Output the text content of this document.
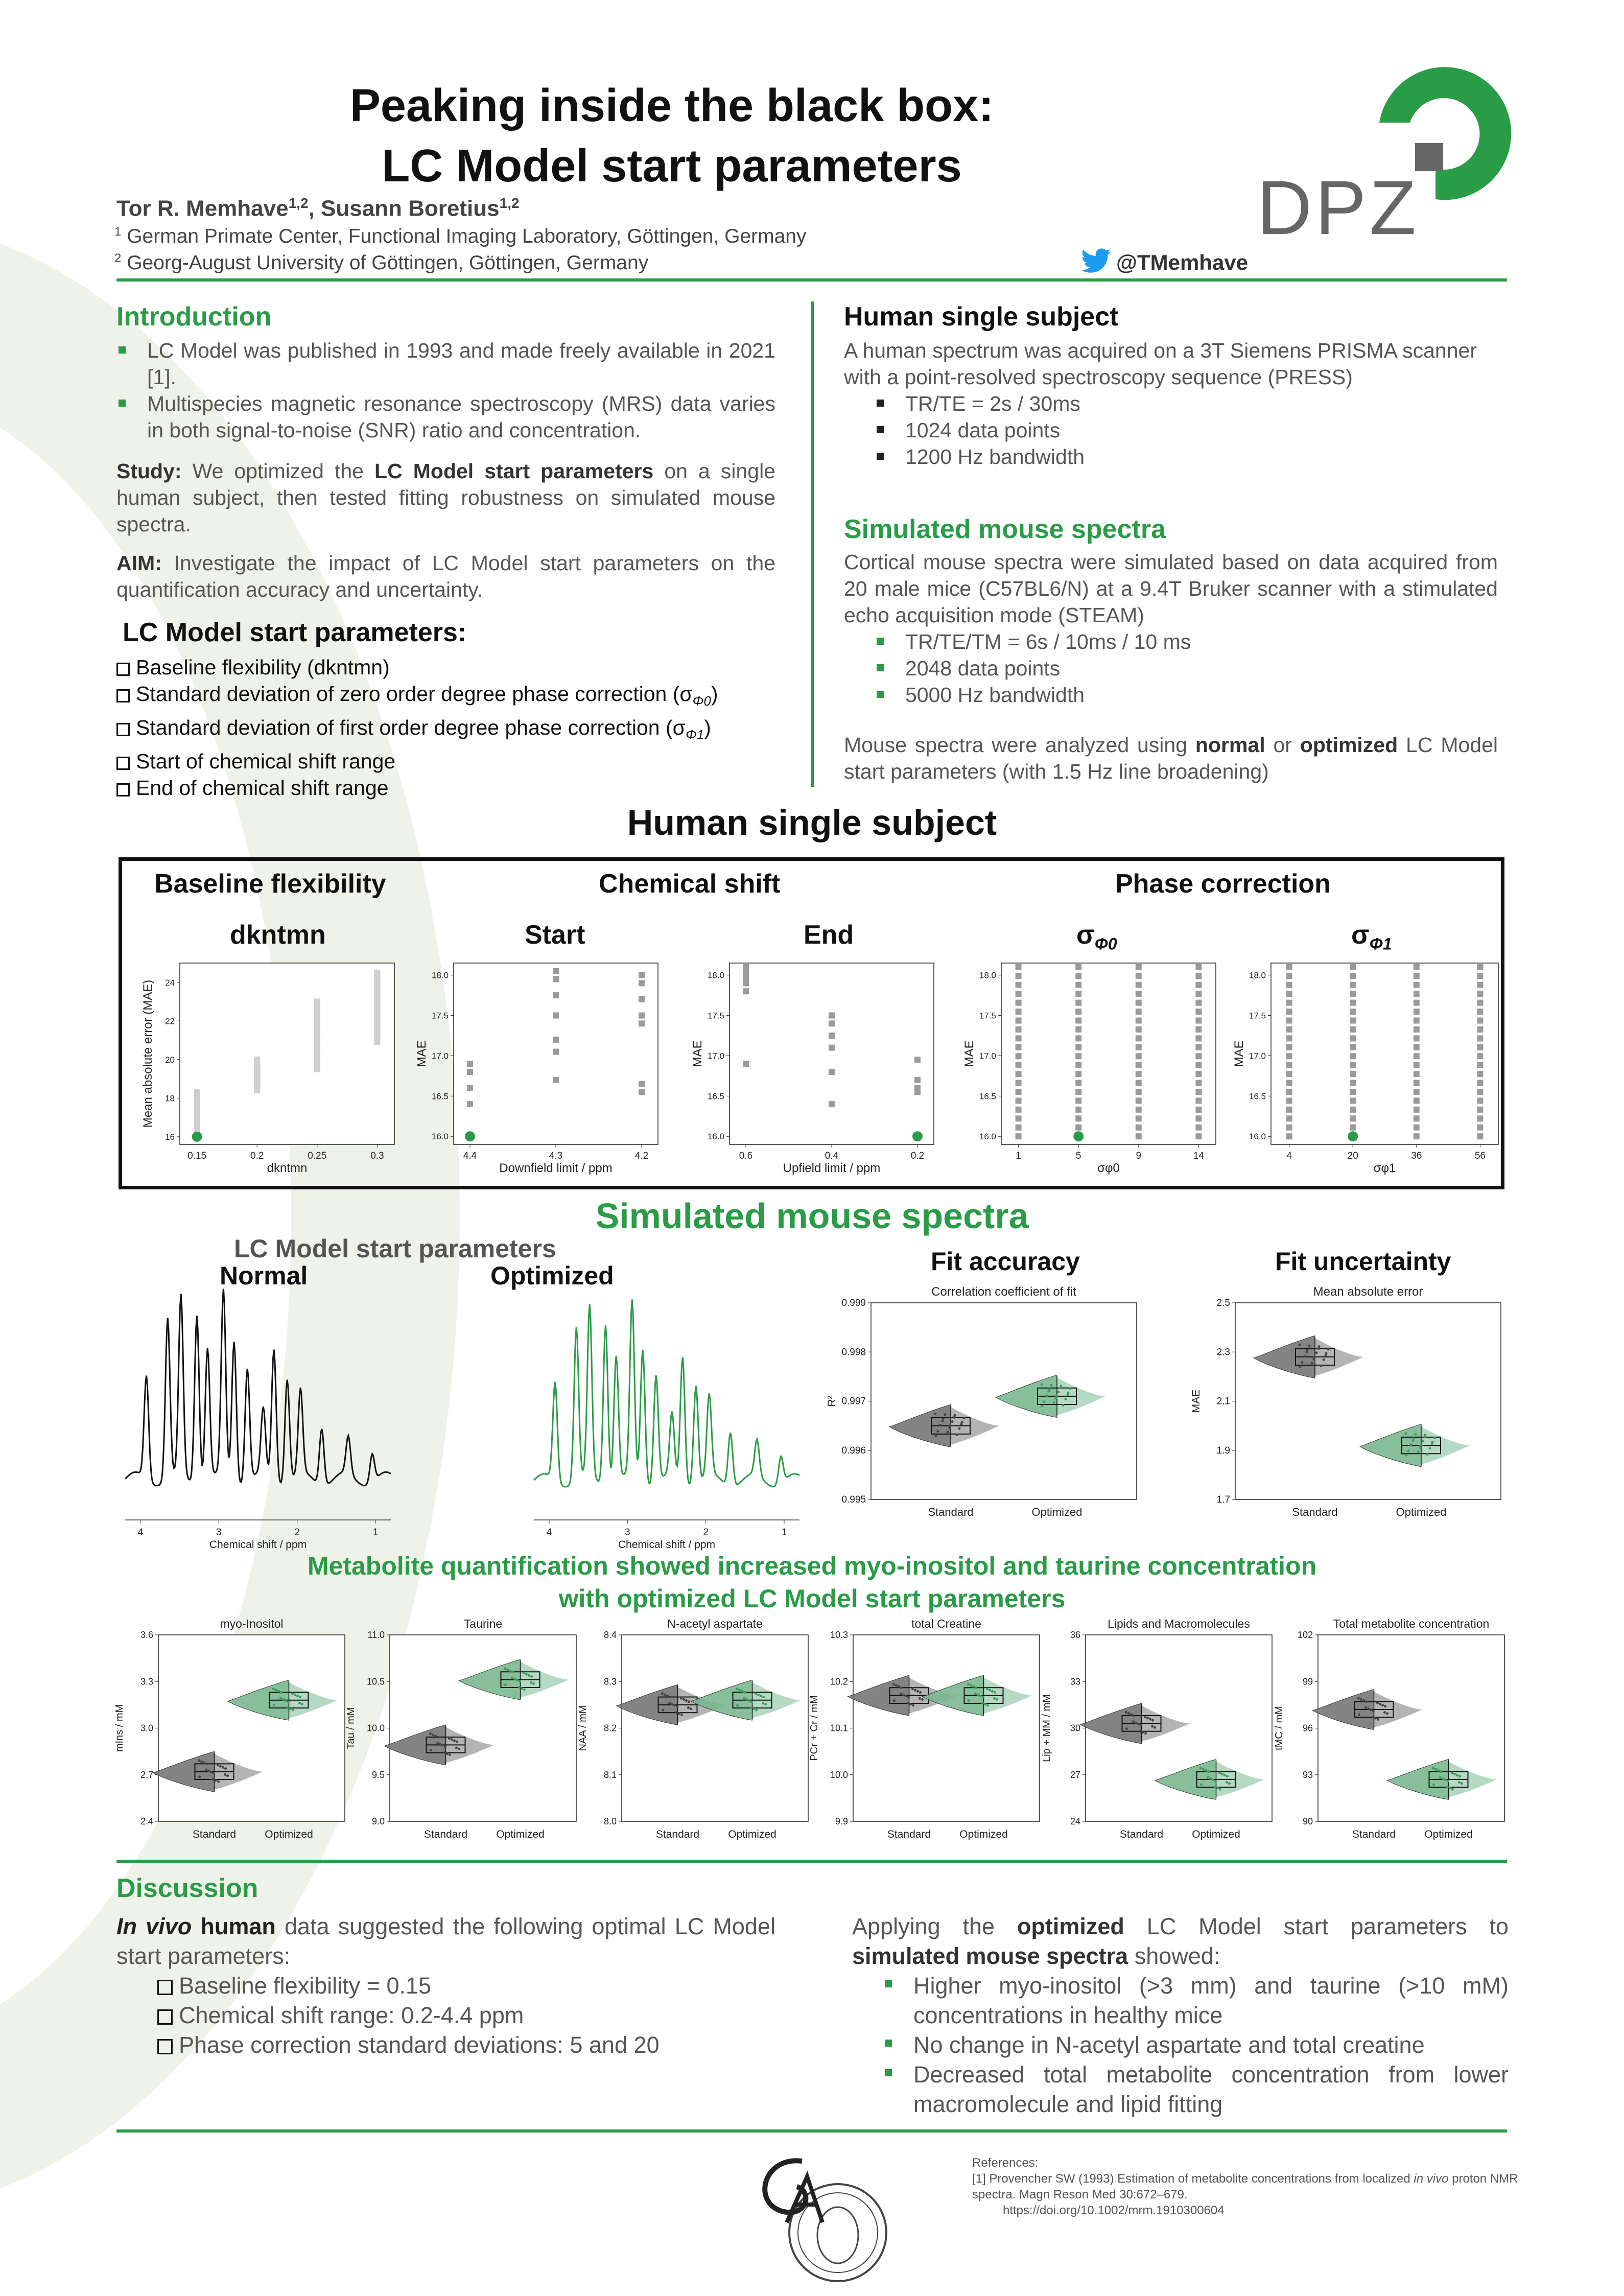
Peaking inside the black box:
LC Model start parameters
Tor R. Memhave$^{1,2}$, Susann Boretius$^{1,2}$
$^1$ German Primate Center, Functional Imaging Laboratory, Göttingen, Germany
$^2$ Georg-August University of Göttingen, Göttingen, Germany	@TMemhave
DPZ
Introduction
LC Model was published in 1993 and made freely available in 2021 [1].
Multispecies magnetic resonance spectroscopy (MRS) data varies in both signal-to-noise (SNR) ratio and concentration.
Study: We optimized the LC Model start parameters on a single human subject, then tested fitting robustness on simulated mouse spectra.
AIM: Investigate the impact of LC Model start parameters on the quantification accuracy and uncertainty.
LC Model start parameters:
Baseline flexibility (dkntmn)
Standard deviation of zero order degree phase correction $(\sigma_{\Phi 0})$
Standard deviation of first order degree phase correction $(\sigma_{\Phi 1})$
Start of chemical shift range
End of chemical shift range
Human single subject
A human spectrum was acquired on a 3T Siemens PRISMA scanner with a point-resolved spectroscopy sequence (PRESS)
TR/TE = 2s / 30ms
1024 data points
1200 Hz bandwidth
Simulated mouse spectra
Cortical mouse spectra were simulated based on data acquired from 20 male mice (C57BL6/N) at a 9.4T Bruker scanner with a stimulated echo acquisition mode (STEAM)
TR/TE/TM = 6s / 10ms / 10 ms
2048 data points
5000 Hz bandwidth
Mouse spectra were analyzed using normal or optimized LC Model start parameters (with 1.5 Hz line broadening)
Human single subject
Baseline flexibility	Chemical shift	Phase correction
dkntmn	Start	End	$\sigma_{\Phi 0}$	$\sigma_{\Phi 1}$
16
18
20
22
24
0.15	0.2	0.25	0.3
dkntmn
Mean absolute error (MAE)
16.0
16.5
17.0
17.5
18.0
4.4	4.3	4.2
Downfield limit / ppm
MAE
16.0
16.5
17.0
17.5
18.0
0.6	0.4	0.2
Upfield limit / ppm
MAE
16.0
16.5
17.0
17.5
18.0
1	5	9	14
σφ0
MAE
16.0
16.5
17.0
17.5
18.0
4	20	36	56
σφ1
MAE
Simulated mouse spectra
LC Model start parameters
Normal	Optimized	Fit accuracy	Fit uncertainty
4	3	2	1
Chemical shift / ppm
4	3	2	1
Chemical shift / ppm
Correlation coefficient of fit
0.995
0.996
0.997
0.998
0.999
R²
Standard	Optimized
Mean absolute error
1.7
1.9
2.1
2.3
2.5
MAE
Standard	Optimized
Metabolite quantification showed increased myo-inositol and taurine concentration
with optimized LC Model start parameters
myo-Inositol
2.4
2.7
3.0
3.3
3.6
mIns / mM
Standard	Optimized
Taurine
9.0
9.5
10.0
10.5
11.0
Tau / mM
Standard	Optimized
N-acetyl aspartate
8.0
8.1
8.2
8.3
8.4
NAA / mM
Standard	Optimized
total Creatine
9.9
10.0
10.1
10.2
10.3
PCr + Cr / mM
Standard	Optimized
Lipids and Macromolecules
24
27
30
33
36
Lip + MM / mM
Standard	Optimized
Total metabolite concentration
90
93
96
99
102
tMC / mM
Standard	Optimized
Discussion
In vivo human data suggested the following optimal LC Model start parameters:
Baseline flexibility = 0.15
Chemical shift range: 0.2-4.4 ppm
Phase correction standard deviations: 5 and 20
Applying the optimized LC Model start parameters to simulated mouse spectra showed:
Higher myo-inositol (>3 mm) and taurine (>10 mM) concentrations in healthy mice
No change in N-acetyl aspartate and total creatine
Decreased total metabolite concentration from lower macromolecule and lipid fitting
References:
[1] Provencher SW (1993) Estimation of metabolite concentrations from localized in vivo proton NMR spectra. Magn Reson Med 30:672–679.
https://doi.org/10.1002/mrm.1910300604
